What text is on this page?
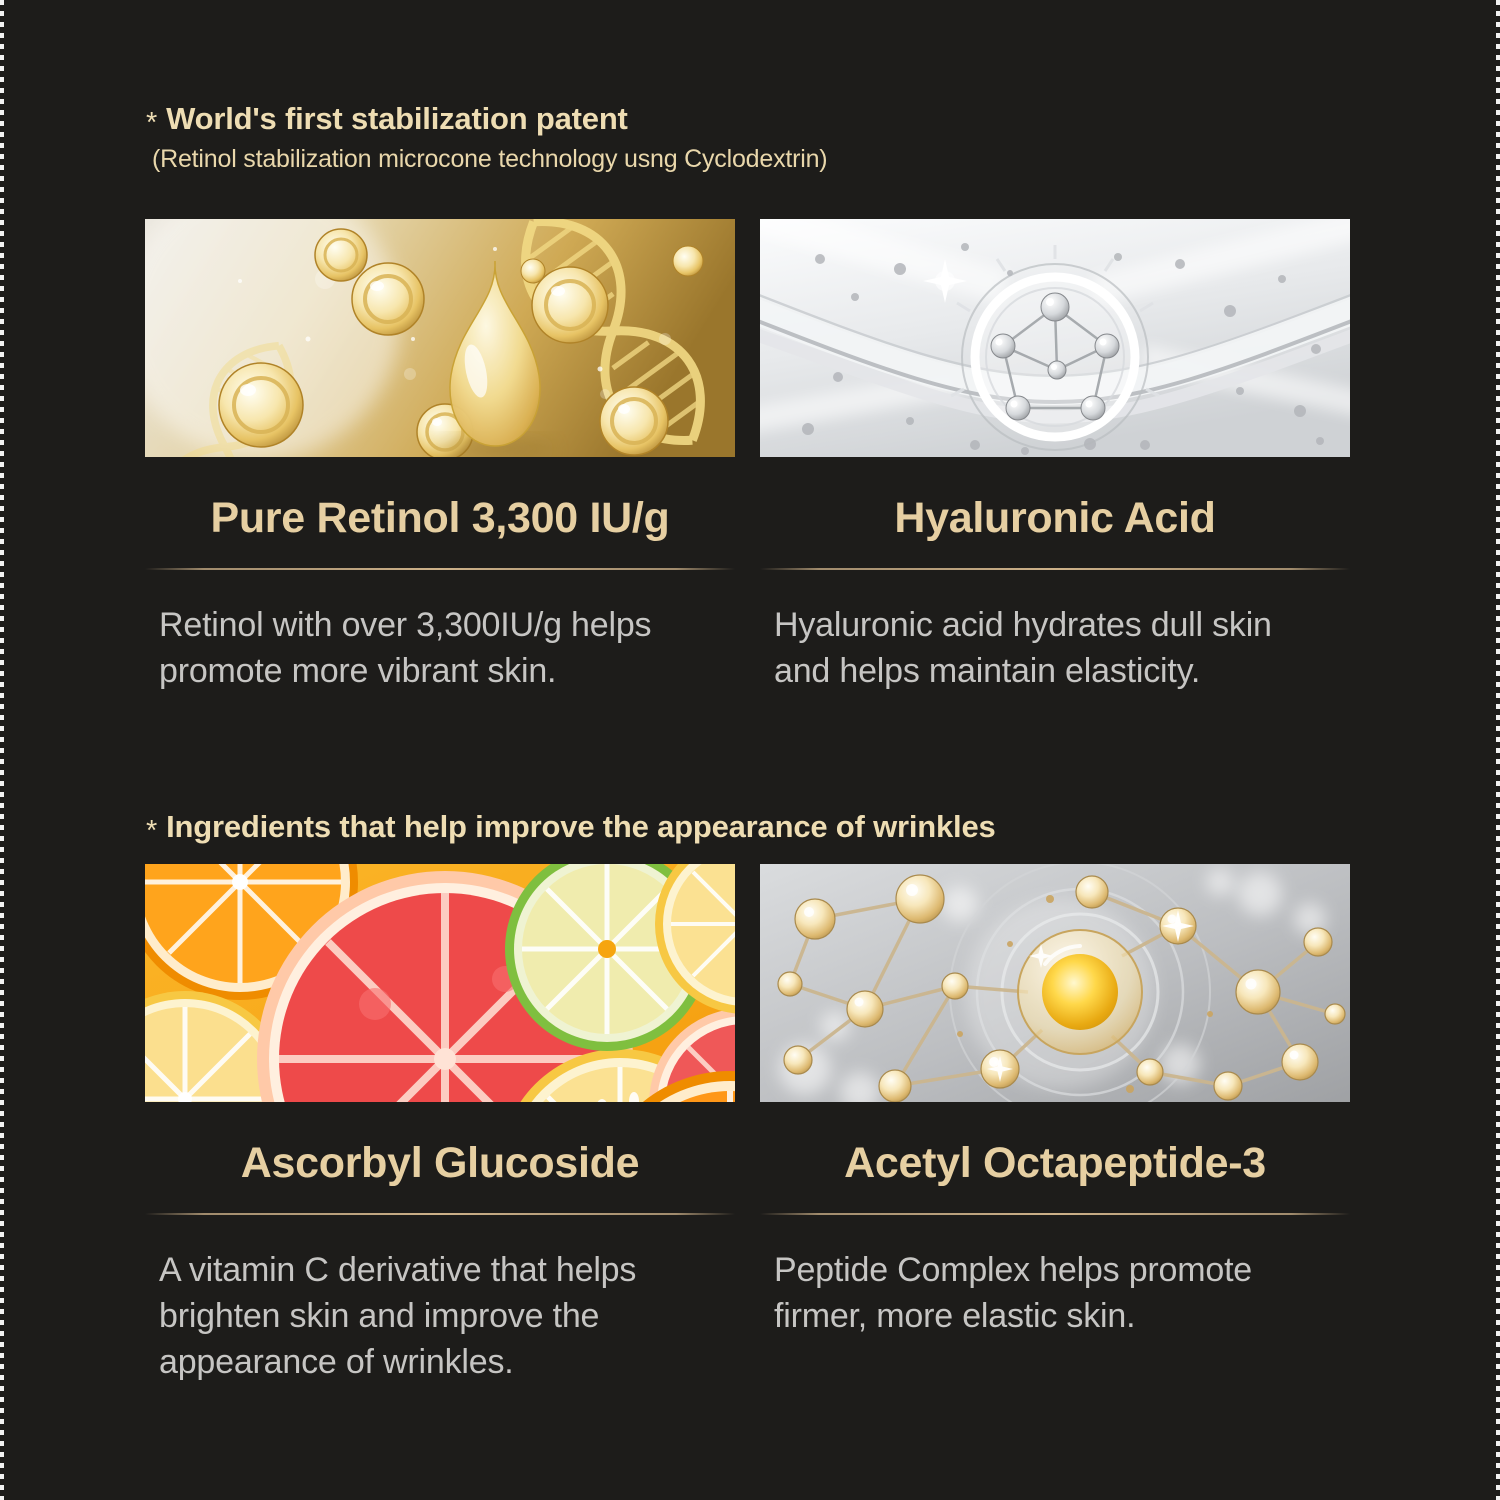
* World's first stabilization patent
(Retinol stabilization microcone technology usng Cyclodextrin)
Pure Retinol 3,300 IU/g
Retinol with over 3,300IU/g helps
promote more vibrant skin.
Hyaluronic Acid
Hyaluronic acid hydrates dull skin
and helps maintain elasticity.
* Ingredients that help improve the appearance of wrinkles
Ascorbyl Glucoside
A vitamin C derivative that helps
brighten skin and improve the
appearance of wrinkles.
Acetyl Octapeptide-3
Peptide Complex helps promote
firmer, more elastic skin.
